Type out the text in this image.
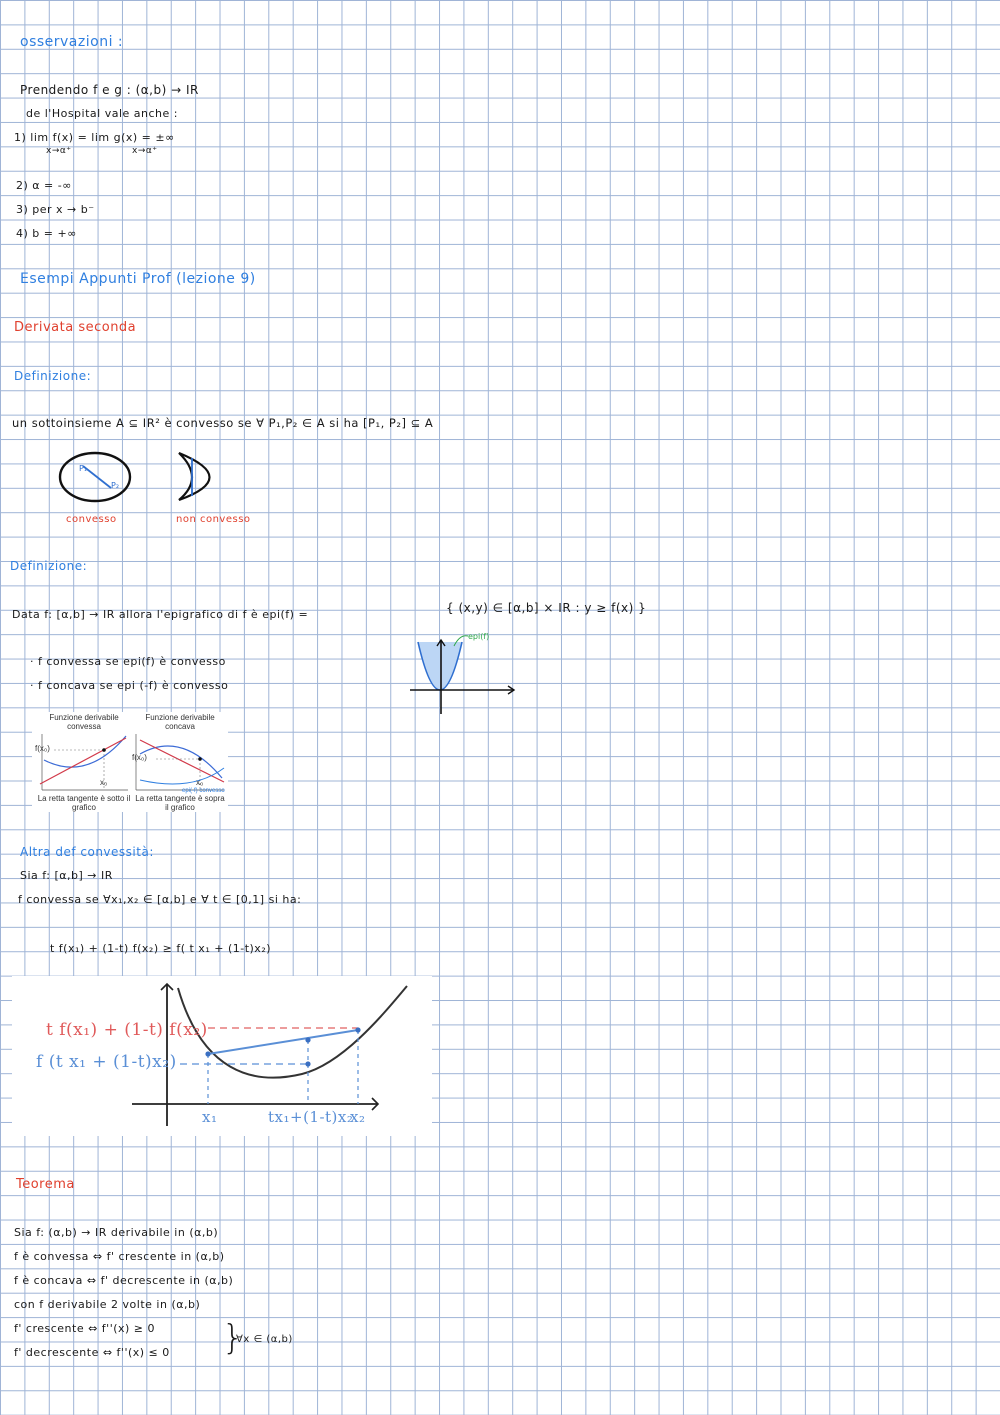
osservazioni :
Prendendo f e g : (α,b) → IR
de l'Hospital vale anche :
1) lim f(x) = lim g(x) = ±∞
x→α⁺	x→α⁺
2) α = -∞
3) per x → b⁻
4) b = +∞
Esempi Appunti Prof (lezione 9)
Derivata seconda
Definizione:
un sottoinsieme A ⊆ IR² è convesso se ∀ P₁,P₂ ∈ A si ha [P₁, P₂] ⊆ A
P₁
P₂
convesso	non convesso
Definizione:
Data f: [α,b] → IR allora l'epigrafico di f è epi(f) =	{ (x,y) ∈ [α,b] × IR : y ≥ f(x) }
· f convessa se epi(f) è convesso
· f concava se epi (-f) è convesso
epi(f)
Funzione derivabile convessa
Funzione derivabile concava
f(x₀)
f(x₀)
x₀	x₀
La retta tangente è sotto il grafico
La retta tangente è sopra il grafico
epi(-f) convesso
Altra def convessità:
Sia f: [α,b] → IR
f convessa se ∀x₁,x₂ ∈ [α,b] e ∀ t ∈ [0,1] si ha:
t f(x₁) + (1-t) f(x₂) ≥ f( t x₁ + (1-t)x₂)
t f(x₁) + (1-t) f(x₂)
f (t x₁ + (1-t)x₂)
x₁	tx₁+(1-t)x₂
x₂
Teorema
Sia f: (α,b) → IR derivabile in (α,b)
f è convessa ⇔ f' crescente in (α,b)
f è concava ⇔ f' decrescente in (α,b)
con f derivabile 2 volte in (α,b)
f' crescente ⇔ f''(x) ≥ 0
f' decrescente ⇔ f''(x) ≤ 0 }
∀x ∈ (α,b)
